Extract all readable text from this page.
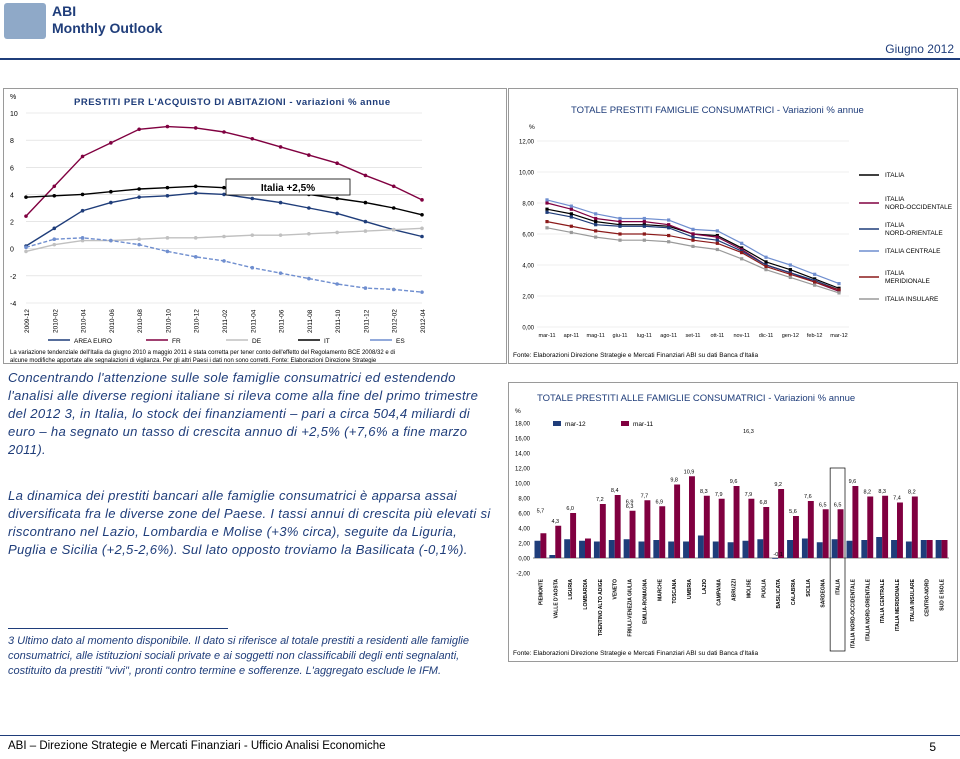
ABI
Monthly Outlook
Giugno 2012
%	PRESTITI PER L'ACQUISTO DI ABITAZIONI - variazioni % annue
10
8
6
4
2
0
-2
-4
2009-12	2010-02	2010-04	2010-06	2010-08	2010-10	2010-12	2011-02	2011-04	2011-06	2011-08	2011-10	2011-12	2012-02	2012-04
Italia +2,5%
AREA EURO	FR	DE	IT	ES
La variazione tendenziale dell'Italia da giugno 2010 a maggio 2011 è stata corretta per tener conto dell'effetto del Regolamento BCE 2008/32 e di
alcune modifiche apportate alle segnalazioni di vigilanza. Per gli altri Paesi i dati non sono corretti. Fonte: Elaborazioni Direzione Strategie
TOTALE PRESTITI FAMIGLIE CONSUMATRICI - Variazioni % annue
%
12,00
10,00
8,00
6,00
4,00
2,00
0,00
mar-11 apr-11 mag-11 giu-11 lug-11 ago-11 set-11 ott-11 nov-11 dic-11 gen-12 feb-12 mar-12
ITALIA
ITALIA
NORD-OCCIDENTALE
ITALIA
NORD-ORIENTALE
ITALIA CENTRALE
ITALIA
MERIDIONALE
ITALIA INSULARE
Fonte: Elaborazioni Direzione Strategie e Mercati Finanziari ABI su dati Banca d'Italia
Concentrando l'attenzione sulle sole famiglie consumatrici ed estendendo l'analisi alle diverse regioni italiane si rileva come alla fine del primo trimestre del 2012 3, in Italia, lo stock dei finanziamenti – pari a circa 504,4 miliardi di euro – ha segnato un tasso di crescita annuo di +2,5% (+7,6% a fine marzo 2011).
La dinamica dei prestiti bancari alle famiglie consumatrici è apparsa assai diversificata fra le diverse zone del Paese. I tassi annui di crescita più elevati si riscontrano nel Lazio, Lombardia e Molise (+3% circa), seguite da Liguria, Puglia e Sicilia (+2,5-2,6%). Sul lato opposto troviamo la Basilicata (-0,1%).
3 Ultimo dato al momento disponibile. Il dato si riferisce al totale prestiti a residenti alle famiglie consumatrici, alle istituzioni sociali private e ai soggetti non classificabili degli enti segnalanti, costituito da prestiti "vivi", pronti contro termine e sofferenze. L'aggregato esclude le IFM.
TOTALE PRESTITI ALLE FAMIGLIE CONSUMATRICI - Variazioni % annue
%
18,00
16,00
14,00
12,00
10,00
8,00
6,00
4,00
2,00
0,00
-2,00
PIEMONTE VALLE D'AOSTA LIGURIA LOMBARDIA TRENTINO ALTO ADIGE VENETO FRIULI-VENEZIA GIULIA EMILIA-ROMAGNA MARCHE TOSCANA UMBRIA LAZIO CAMPANIA ABRUZZI MOLISE PUGLIA BASILICATA CALABRIA SICILIA SARDEGNA ITALIA ITALIA NORD-OCCIDENTALE ITALIA NORD-ORIENTALE ITALIA CENTRALE ITALIA MERIDIONALE ITALIA INSULARE CENTRO-NORD SUD E ISOLE
mar-12	mar-11
16,3
10,9
9,8	9,6	9,6
9,2
8,4	8,3	8,3
8,2	8,2
7,9	7,9
7,7	7,6	7,4
7,2	6,9	6,9	6,8	6,5 6,5
6,3
6,0
5,7	5,6
4,3
-0,1
Fonte: Elaborazioni Direzione Strategie e Mercati Finanziari ABI su dati Banca d'Italia
ABI – Direzione Strategie e Mercati Finanziari - Ufficio Analisi Economiche	5
